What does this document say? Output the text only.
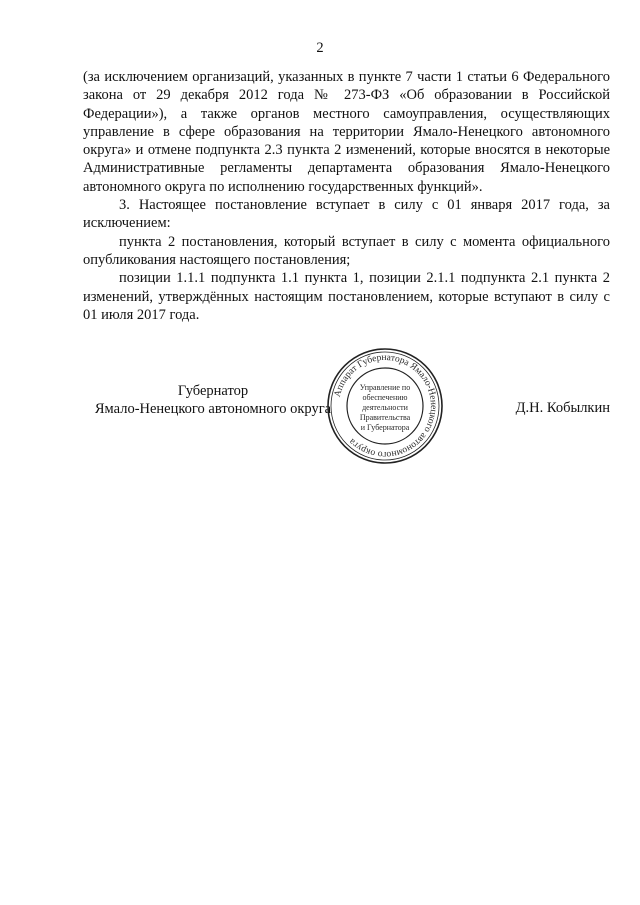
2

(за исключением организаций, указанных в пункте 7 части 1 статьи 6 Федерального закона от 29 декабря 2012 года № 273-ФЗ «Об образовании в Российской Федерации»), а также органов местного самоуправления, осуществляющих управление в сфере образования на территории Ямало-Ненецкого автономного округа» и отмене подпункта 2.3 пункта 2 изменений, которые вносятся в некоторые Административные регламенты департамента образования Ямало-Ненецкого автономного округа по исполнению государственных функций».

3. Настоящее постановление вступает в силу с 01 января 2017 года, за исключением:

пункта 2 постановления, который вступает в силу с момента официального опубликования настоящего постановления;

позиции 1.1.1 подпункта 1.1 пункта 1, позиции 2.1.1 подпункта 2.1 пункта 2 изменений, утверждённых настоящим постановлением, которые вступают в силу с 01 июля 2017 года.

Губернатор
Ямало-Ненецкого автономного округа	Д.Н. Кобылкин
Аппарат Губернатора Ямало-Ненецкого автономного округа
Управление по
обеспечению
деятельности
Правительства
и Губернатора
